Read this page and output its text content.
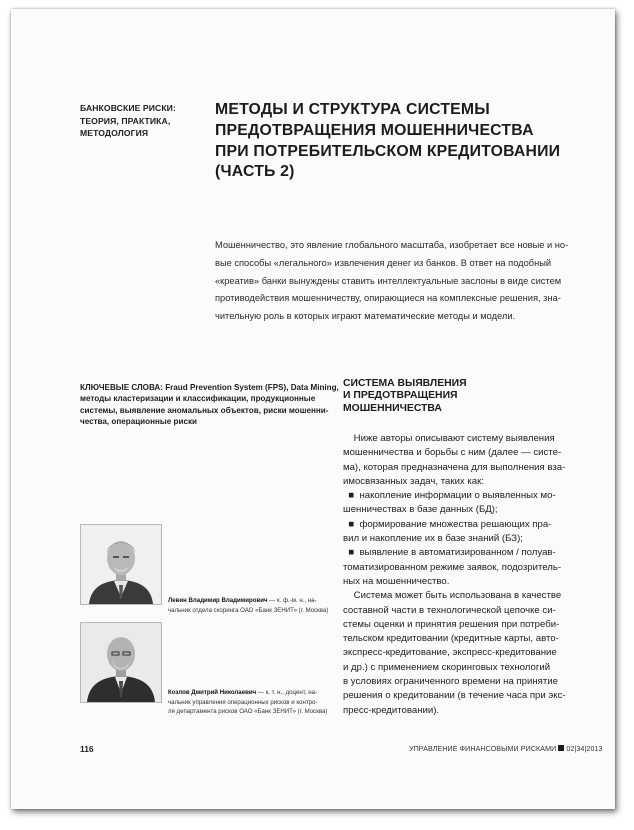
БАНКОВСКИЕ РИСКИ:
ТЕОРИЯ, ПРАКТИКА,
МЕТОДОЛОГИЯ
МЕТОДЫ И СТРУКТУРА СИСТЕМЫ
ПРЕДОТВРАЩЕНИЯ МОШЕННИЧЕСТВА
ПРИ ПОТРЕБИТЕЛЬСКОМ КРЕДИТОВАНИИ
(ЧАСТЬ 2)
Мошенничество, это явление глобального масштаба, изобретает все новые и но-
вые способы «легального» извлечения денег из банков. В ответ на подобный
«креатив» банки вынуждены ставить интеллектуальные заслоны в виде систем
противодействия мошенничеству, опирающиеся на комплексные решения, зна-
чительную роль в которых играют математические методы и модели.
КЛЮЧЕВЫЕ СЛОВА: Fraud Prevention System (FPS), Data Mining,
методы кластеризации и классификации, продукционные
системы, выявление аномальных объектов, риски мошенни-
чества, операционные риски
СИСТЕМА ВЫЯВЛЕНИЯ
И ПРЕДОТВРАЩЕНИЯ
МОШЕННИЧЕСТВА
Ниже авторы описывают систему выявления
мошенничества и борьбы с ним (далее — систе-
ма), которая предназначена для выполнения вза-
имосвязанных задач, таких как:
■  накопление информации о выявленных мо-
шенничествах в базе данных (БД);
■  формирование множества решающих пра-
вил и накопление их в базе знаний (БЗ);
■  выявление в автоматизированном / полуав-
томатизированном режиме заявок, подозритель-
ных на мошенничество.
Система может быть использована в качестве
составной части в технологической цепочке си-
стемы оценки и принятия решения при потреби-
тельском кредитовании (кредитные карты, авто-
экспресс-кредитование, экспресс-кредитование
и др.) с применением скоринговых технологий
в условиях ограниченного времени на принятие
решения о кредитовании (в течение часа при экс-
пресс-кредитовании).
Левин Владимир Владимирович — к. ф.-м. н., на-
чальник отдела скоринга ОАО «Банк ЗЕНИТ» (г. Москва)
Козлов Дмитрий Николаевич — к. т. н., доцент, на-
чальник управления операционных рисков и контро-
ля департамента рисков ОАО «Банк ЗЕНИТ» (г. Москва)
116	УПРАВЛЕНИЕ ФИНАНСОВЫМИ РИСКАМИ 02|34|2013
